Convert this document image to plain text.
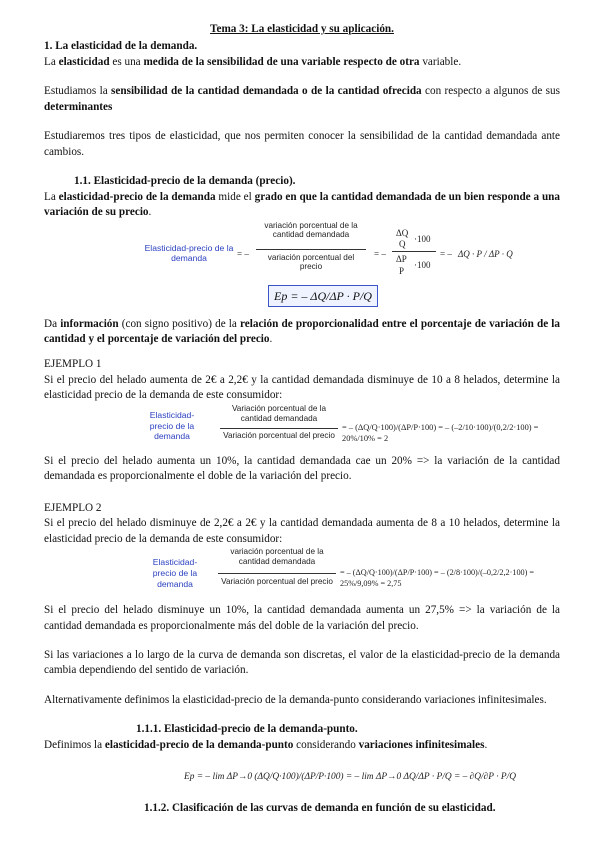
Tema 3: La elasticidad y su aplicación.

1. La elasticidad de la demanda.

La elasticidad es una medida de la sensibilidad de una variable respecto de otra variable.

Estudiamos la sensibilidad de la cantidad demandada o de la cantidad ofrecida con respecto a algunos de sus determinantes

Estudiaremos tres tipos de elasticidad, que nos permiten conocer la sensibilidad de la cantidad demandada ante cambios.

1.1. Elasticidad-precio de la demanda (precio).

La elasticidad-precio de la demanda mide el grado en que la cantidad demandada de un bien responde a una variación de su precio.

Elasticidad-precio de la demanda	= –
variación porcentual de la cantidad demandada
variación porcentual del precio
= –
ΔQ
·100
Q
ΔP
·100
P
= – ΔQ · P / ΔP · Q
Ep = – ΔQ/ΔP · P/Q

Da información (con signo positivo) de la relación de proporcionalidad entre el porcentaje de variación de la cantidad y el porcentaje de variación del precio.

EJEMPLO 1

Si el precio del helado aumenta de 2€ a 2,2€ y la cantidad demandada disminuye de 10 a 8 helados, determine la elasticidad precio de la demanda de este consumidor:

Elasticidad-precio de la demanda
Variación porcentual de la cantidad demandada
Variación porcentual del precio
= – (ΔQ/Q·100)/(ΔP/P·100) = – (–2/10·100)/(0,2/2·100) = 20%/10% = 2

Si el precio del helado aumenta un 10%, la cantidad demandada cae un 20% => la variación de la cantidad demandada es proporcionalmente el doble de la variación del precio.

EJEMPLO 2

Si el precio del helado disminuye de 2,2€ a 2€ y la cantidad demandada aumenta de 8 a 10 helados, determine la elasticidad precio de la demanda de este consumidor:

Elasticidad-precio de la demanda
variación porcentual de la cantidad demandada
Variación porcentual del precio
= – (ΔQ/Q·100)/(ΔP/P·100) = – (2/8·100)/(–0,2/2,2·100) = 25%/9,09% = 2,75

Si el precio del helado disminuye un 10%, la cantidad demandada aumenta un 27,5% => la variación de la cantidad demandada es proporcionalmente más del doble de la variación del precio.

Si las variaciones a lo largo de la curva de demanda son discretas, el valor de la elasticidad-precio de la demanda cambia dependiendo del sentido de variación.

Alternativamente definimos la elasticidad-precio de la demanda-punto considerando variaciones infinitesimales.

1.1.1. Elasticidad-precio de la demanda-punto.

Definimos la elasticidad-precio de la demanda-punto considerando variaciones infinitesimales.

Ep = – lim ΔP→0 (ΔQ/Q·100)/(ΔP/P·100) = – lim ΔP→0 ΔQ/ΔP · P/Q = – ∂Q/∂P · P/Q

1.1.2. Clasificación de las curvas de demanda en función de su elasticidad.
